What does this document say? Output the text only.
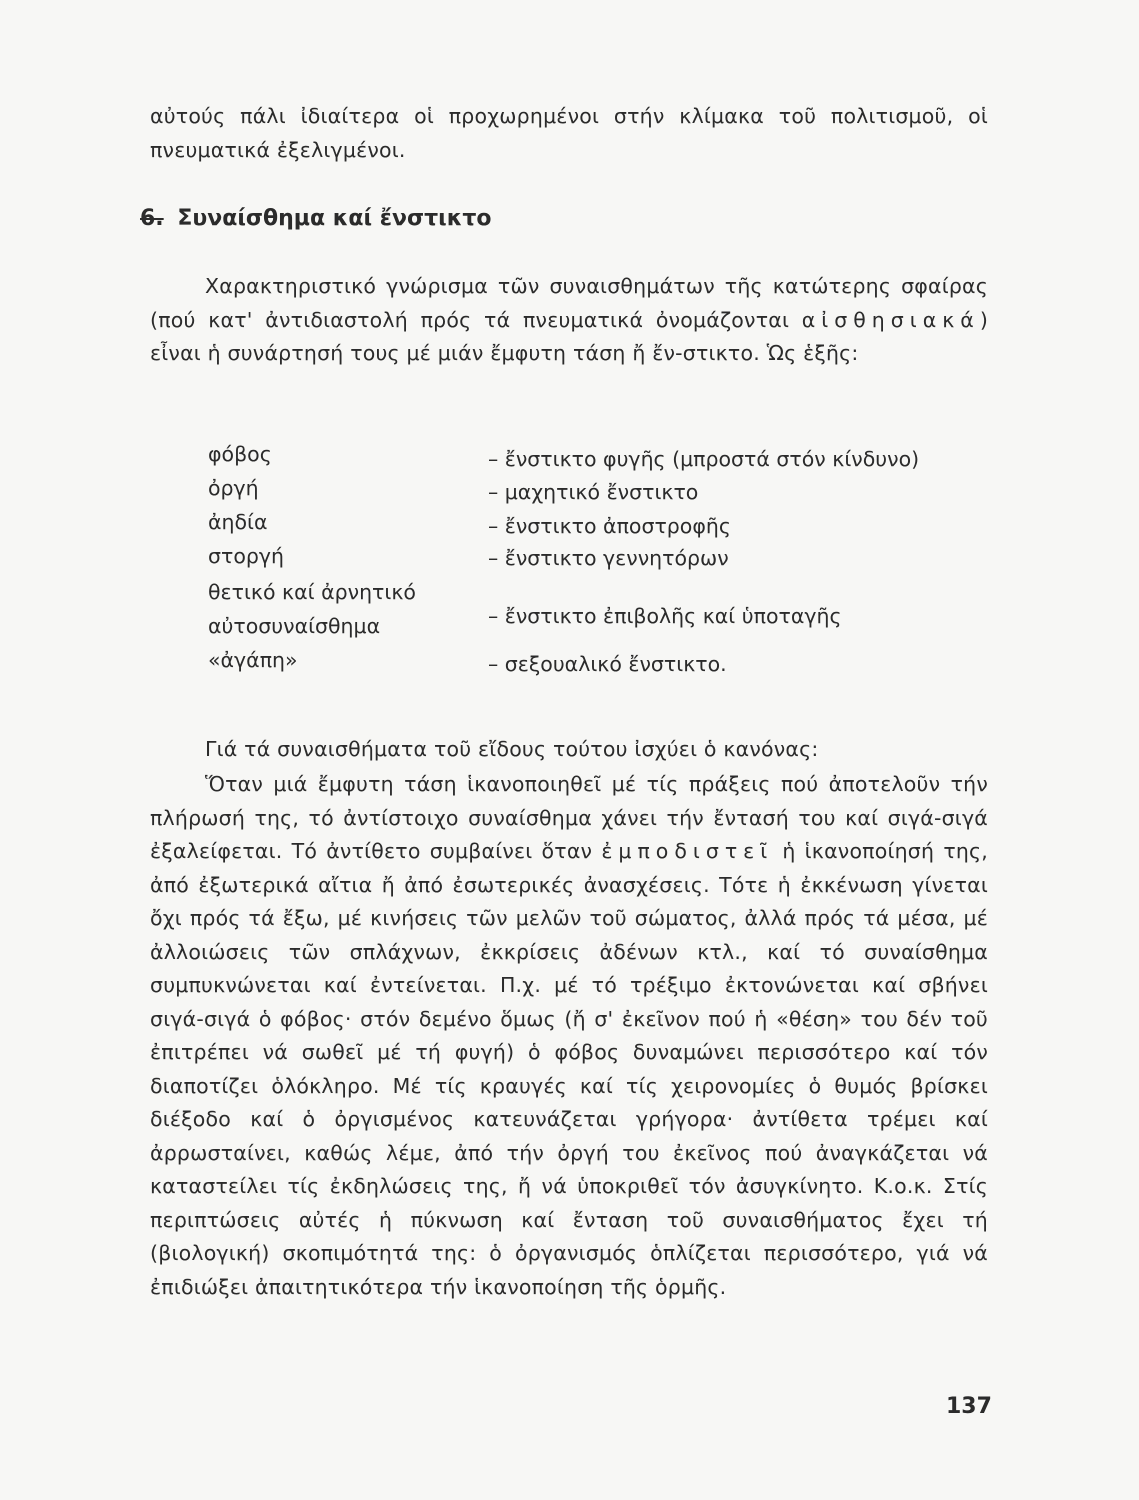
αὐτούς πάλι ἰδιαίτερα οἱ προχωρημένοι στήν κλίμακα τοῦ πολιτισμοῦ, οἱ πνευματικά ἐξελιγμένοι.

6. Συναίσθημα καί ἔνστικτο

Χαρακτηριστικό γνώρισμα τῶν συναισθημάτων τῆς κατώτερης σφαίρας (πού κατ' ἀντιδιαστολή πρός τά πνευματικά ὀνομάζονται αἰσθησιακά) εἶναι ἡ συνάρτησή τους μέ μιάν ἔμφυτη τάση ἤ ἔν-στικτο. Ὡς ἑξῆς:

φόβος	– ἔνστικτο φυγῆς (μπροστά στόν κίνδυνο)
ὀργή	– μαχητικό ἔνστικτο
ἀηδία	– ἔνστικτο ἀποστροφῆς
στοργή	– ἔνστικτο γεννητόρων
θετικό καί ἀρνητικό
αὐτοσυναίσθημα	– ἔνστικτο ἐπιβολῆς καί ὑποταγῆς
«ἀγάπη»	– σεξουαλικό ἔνστικτο.

Γιά τά συναισθήματα τοῦ εἴδους τούτου ἰσχύει ὁ κανόνας:

Ὅταν μιά ἔμφυτη τάση ἱκανοποιηθεῖ μέ τίς πράξεις πού ἀποτελοῦν τήν πλήρωσή της, τό ἀντίστοιχο συναίσθημα χάνει τήν ἔντασή του καί σιγά-σιγά ἐξαλείφεται. Τό ἀντίθετο συμβαίνει ὅταν ἐμποδιστεῖ ἡ ἱκανοποίησή της, ἀπό ἐξωτερικά αἴτια ἤ ἀπό ἐσωτερικές ἀνασχέσεις. Τότε ἡ ἐκκένωση γίνεται ὄχι πρός τά ἔξω, μέ κινήσεις τῶν μελῶν τοῦ σώματος, ἀλλά πρός τά μέσα, μέ ἀλλοιώσεις τῶν σπλάχνων, ἐκκρίσεις ἀδένων κτλ., καί τό συναίσθημα συμπυκνώνεται καί ἐντείνεται. Π.χ. μέ τό τρέξιμο ἐκτονώνεται καί σβήνει σιγά-σιγά ὁ φόβος· στόν δεμένο ὅμως (ἤ σ' ἐκεῖνον πού ἡ «θέση» του δέν τοῦ ἐπιτρέπει νά σωθεῖ μέ τή φυγή) ὁ φόβος δυναμώνει περισσότερο καί τόν διαποτίζει ὁλόκληρο. Μέ τίς κραυγές καί τίς χειρονομίες ὁ θυμός βρίσκει διέξοδο καί ὁ ὀργισμένος κατευνάζεται γρήγορα· ἀντίθετα τρέμει καί ἀρρωσταίνει, καθώς λέμε, ἀπό τήν ὀργή του ἐκεῖνος πού ἀναγκάζεται νά καταστείλει τίς ἐκδηλώσεις της, ἤ νά ὑποκριθεῖ τόν ἀσυγκίνητο. Κ.ο.κ. Στίς περιπτώσεις αὐτές ἡ πύκνωση καί ἔνταση τοῦ συναισθήματος ἔχει τή (βιολογική) σκοπιμότητά της: ὁ ὀργανισμός ὁπλίζεται περισσότερο, γιά νά ἐπιδιώξει ἀπαιτητικότερα τήν ἱκανοποίηση τῆς ὁρμῆς.

137
